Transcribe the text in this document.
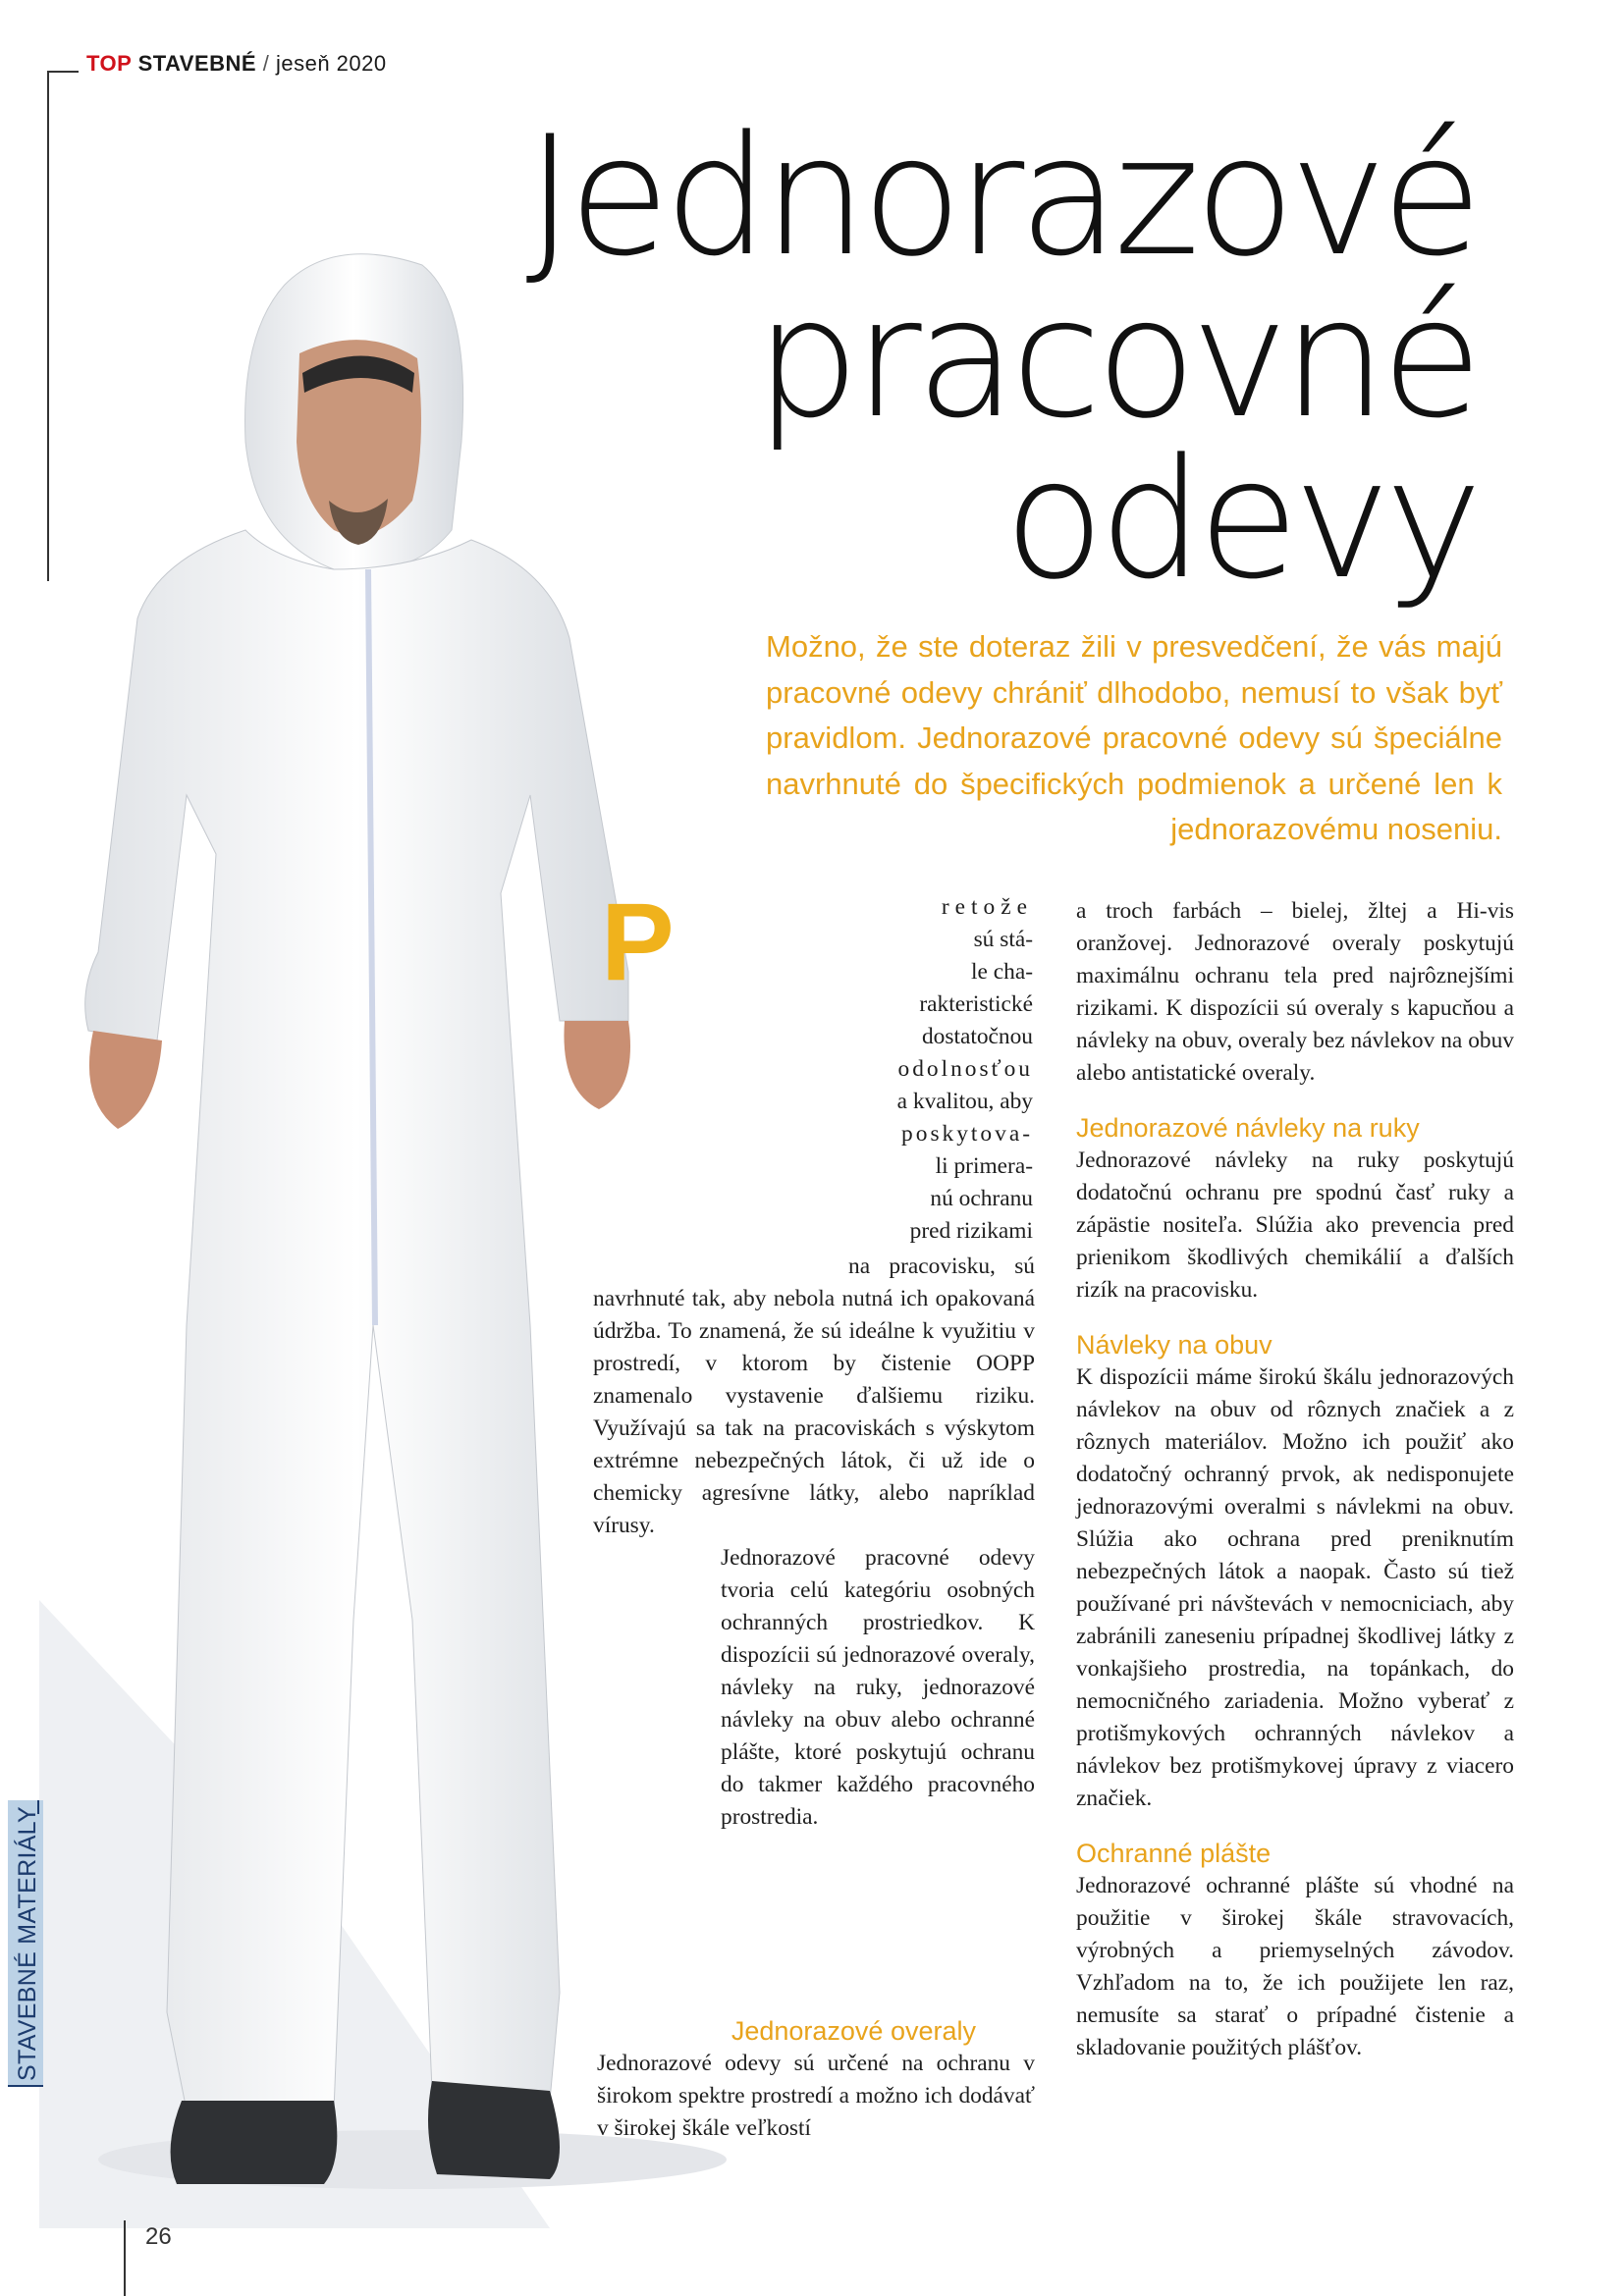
TOP STAVEBNÉ / jeseň 2020
Jednorazové
pracovné
odevy
Možno, že ste doteraz žili v presvedčení, že vás majú pracovné odevy chrániť dlhodobo, nemusí to však byť pravidlom. Jednorazové pracovné odevy sú špeciálne navrhnuté do špecifických podmienok a určené len k jednorazovému noseniu.
P	retože
sú stá-
le cha-
rakteristické
dostatočnou
odolnosťou
a kvalitou, aby
poskytova-
li primera-
nú ochranu
pred rizikami

na pracovisku, sú navrhnuté tak, aby nebola nutná ich opakovaná údržba. To znamená, že sú ideálne k využitiu v prostredí, v ktorom by čistenie OOPP znamenalo vystavenie ďalšiemu riziku. Využívajú sa tak na pracoviskách s výskytom extrémne nebezpečných látok, či už ide o chemicky agresívne látky, alebo napríklad vírusy.

Jednorazové pracovné odevy tvoria celú kategóriu osobných ochranných prostriedkov. K dispozícii sú jednorazové overaly, návleky na ruky, jednorazové návleky na obuv alebo ochranné plášte, ktoré poskytujú ochranu do takmer každého pracovného prostredia.

Jednorazové overaly

Jednorazové odevy sú určené na ochranu v širokom spektre prostredí a možno ich dodávať v širokej škále veľkostí

a troch farbách – bielej, žltej a Hi-vis oranžovej. Jednorazové overaly poskytujú maximálnu ochranu tela pred najrôznejšími rizikami. K dispozícii sú overaly s kapucňou a návleky na obuv, overaly bez návlekov na obuv alebo antistatické overaly.

Jednorazové návleky na ruky

Jednorazové návleky na ruky poskytujú dodatočnú ochranu pre spodnú časť ruky a zápästie nositeľa. Slúžia ako prevencia pred prienikom škodlivých chemikálií a ďalších rizík na pracovisku.

Návleky na obuv

K dispozícii máme širokú škálu jednorazových návlekov na obuv od rôznych značiek a z rôznych materiálov. Možno ich použiť ako dodatočný ochranný prvok, ak nedisponujete jednorazovými overalmi s návlekmi na obuv. Slúžia ako ochrana pred preniknutím nebezpečných látok a naopak. Často sú tiež používané pri návštevách v nemocniciach, aby zabránili zaneseniu prípadnej škodlivej látky z vonkajšieho prostredia, na topánkach, do nemocničného zariadenia. Možno vyberať z protišmykových ochranných návlekov a návlekov bez protišmykovej úpravy z viacero značiek.

Ochranné plášte

Jednorazové ochranné plášte sú vhodné na použitie v širokej škále stravovacích, výrobných a priemyselných závodov. Vzhľadom na to, že ich použijete len raz, nemusíte sa starať o prípadné čistenie a skladovanie použitých plášťov.

STAVEBNÉ MATERIÁLY
26
